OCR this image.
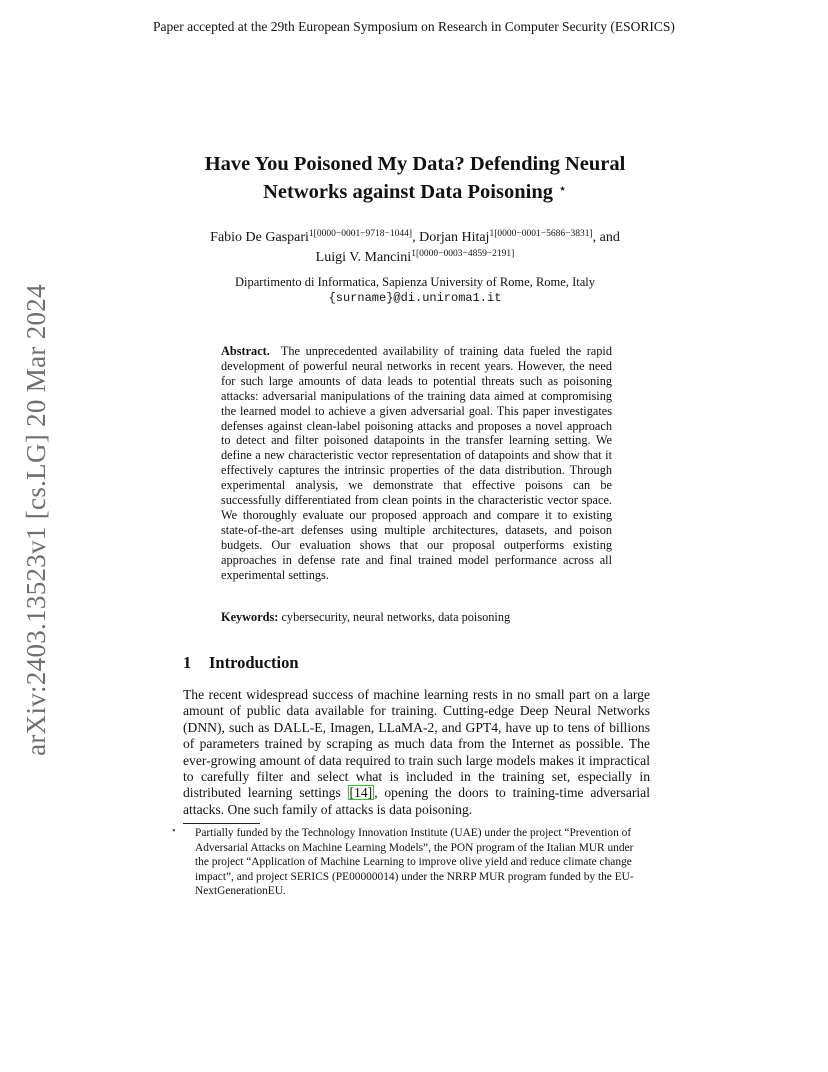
Paper accepted at the 29th European Symposium on Research in Computer Security (ESORICS)
arXiv:2403.13523v1 [cs.LG] 20 Mar 2024
Have You Poisoned My Data? Defending Neural
Networks against Data Poisoning ⋆
Fabio De Gaspari$^{1[0000-0001-9718-1044]}$, Dorjan Hitaj$^{1[0000-0001-5686-3831]}$, and
Luigi V. Mancini$^{1[0000-0003-4859-2191]}$
Dipartimento di Informatica, Sapienza University of Rome, Rome, Italy
{surname}@di.uniroma1.it
Abstract. The unprecedented availability of training data fueled the rapid development of powerful neural networks in recent years. However, the need for such large amounts of data leads to potential threats such as poisoning attacks: adversarial manipulations of the training data aimed at compromising the learned model to achieve a given adversarial goal. This paper investigates defenses against clean-label poisoning attacks and proposes a novel approach to detect and filter poisoned datapoints in the transfer learning setting. We define a new characteristic vector representation of datapoints and show that it effectively captures the intrinsic properties of the data distribution. Through experimental analysis, we demonstrate that effective poisons can be successfully differentiated from clean points in the characteristic vector space. We thoroughly evaluate our proposed approach and compare it to existing state-of-the-art defenses using multiple architectures, datasets, and poison budgets. Our evaluation shows that our proposal outperforms existing approaches in defense rate and final trained model performance across all experimental settings.
Keywords: cybersecurity, neural networks, data poisoning
1 Introduction
The recent widespread success of machine learning rests in no small part on a large amount of public data available for training. Cutting-edge Deep Neural Networks (DNN), such as DALL-E, Imagen, LLaMA-2, and GPT4, have up to tens of billions of parameters trained by scraping as much data from the Internet as possible. The ever-growing amount of data required to train such large models makes it impractical to carefully filter and select what is included in the training set, especially in distributed learning settings [14] , opening the doors to training-time adversarial attacks. One such family of attacks is data poisoning.
⋆ Partially funded by the Technology Innovation Institute (UAE) under the project “Prevention of Adversarial Attacks on Machine Learning Models”, the PON program of the Italian MUR under the project “Application of Machine Learning to improve olive yield and reduce climate change impact”, and project SERICS (PE00000014) under the NRRP MUR program funded by the EU-NextGenerationEU.
